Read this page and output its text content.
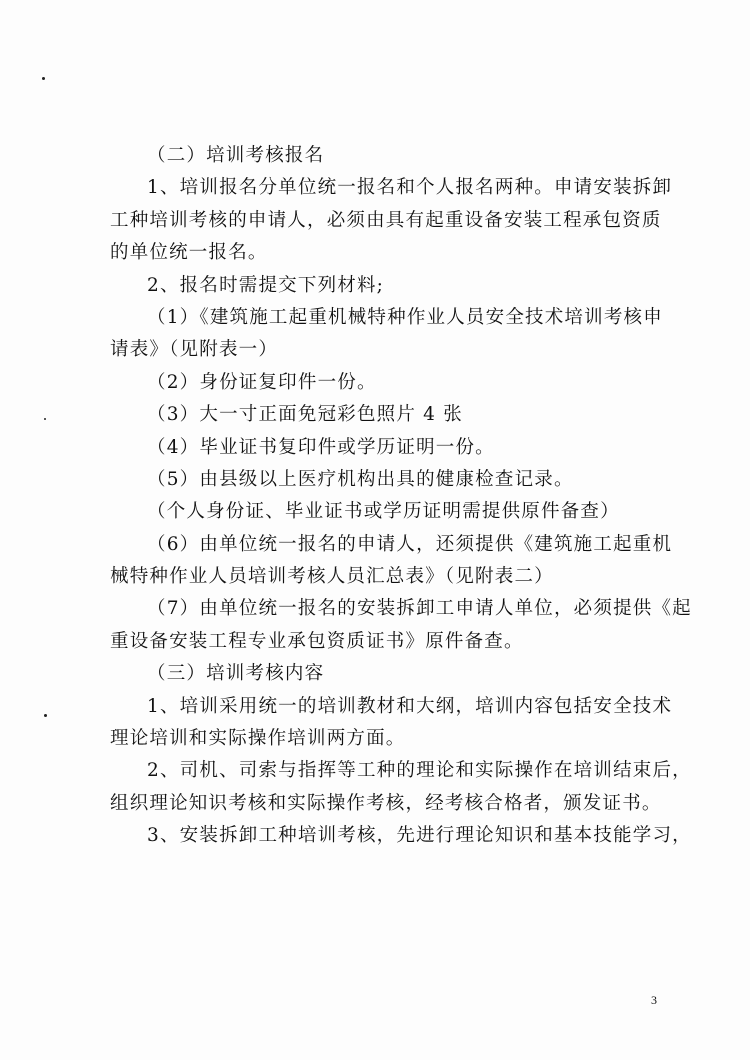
（二）培训考核报名
1、培训报名分单位统一报名和个人报名两种。申请安装拆卸
工种培训考核的申请人，必须由具有起重设备安装工程承包资质
的单位统一报名。
2、报名时需提交下列材料;
（1）《建筑施工起重机械特种作业人员安全技术培训考核申
请表》（见附表一）
（2）身份证复印件一份。
（3）大一寸正面免冠彩色照片 4 张
（4）毕业证书复印件或学历证明一份。
（5）由县级以上医疗机构出具的健康检查记录。
（个人身份证、毕业证书或学历证明需提供原件备查）
（6）由单位统一报名的申请人，还须提供《建筑施工起重机
械特种作业人员培训考核人员汇总表》（见附表二）
（7）由单位统一报名的安装拆卸工申请人单位，必须提供《起
重设备安装工程专业承包资质证书》原件备查。
（三）培训考核内容
1、培训采用统一的培训教材和大纲，培训内容包括安全技术
理论培训和实际操作培训两方面。
2、司机、司索与指挥等工种的理论和实际操作在培训结束后，
组织理论知识考核和实际操作考核，经考核合格者，颁发证书。
3、安装拆卸工种培训考核，先进行理论知识和基本技能学习，
3
